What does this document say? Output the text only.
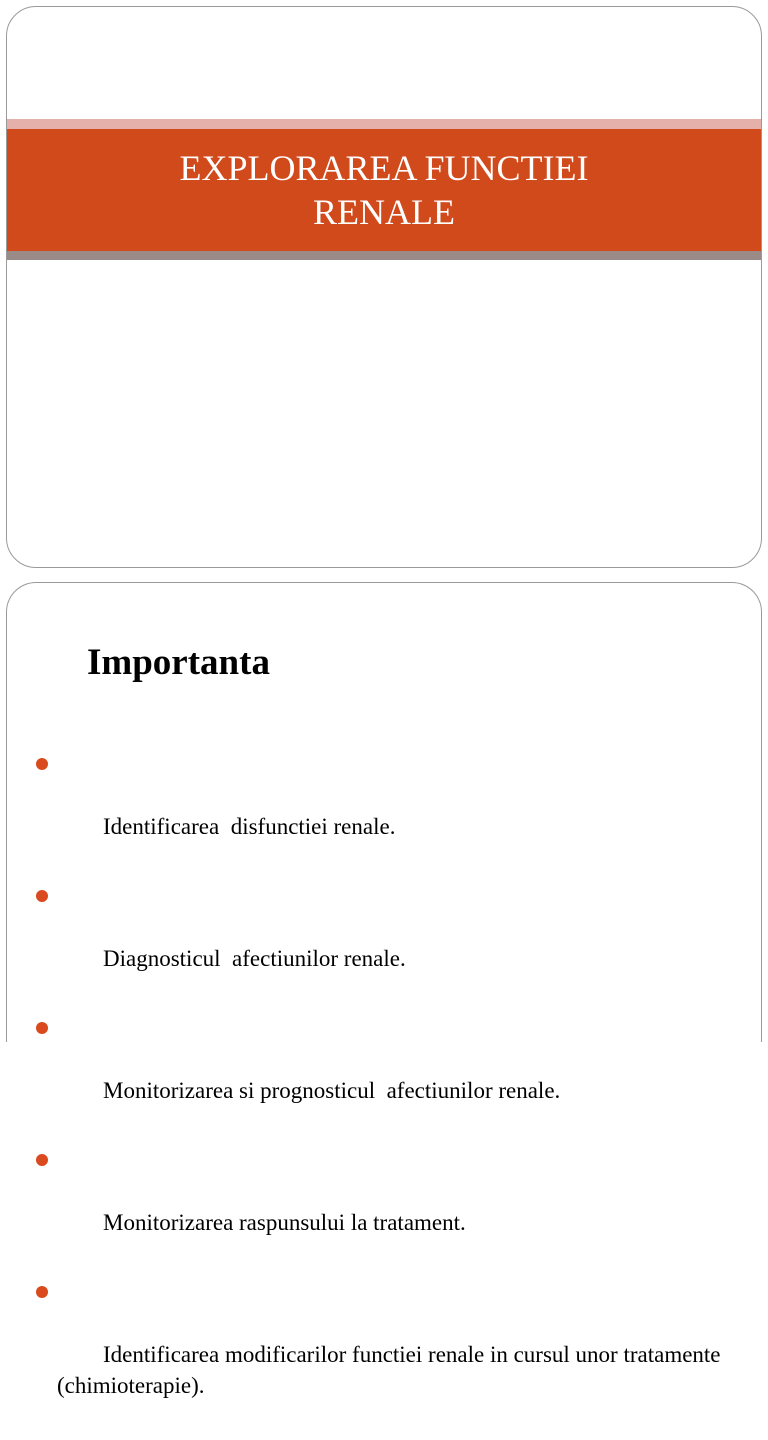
EXPLORAREA FUNCTIEI
RENALE
Importanta

Identificarea  disfunctiei renale.

Diagnosticul  afectiunilor renale.

Monitorizarea si prognosticul  afectiunilor renale.

Monitorizarea raspunsului la tratament.

Identificarea modificarilor functiei renale in cursul unor tratamente (chimioterapie).
